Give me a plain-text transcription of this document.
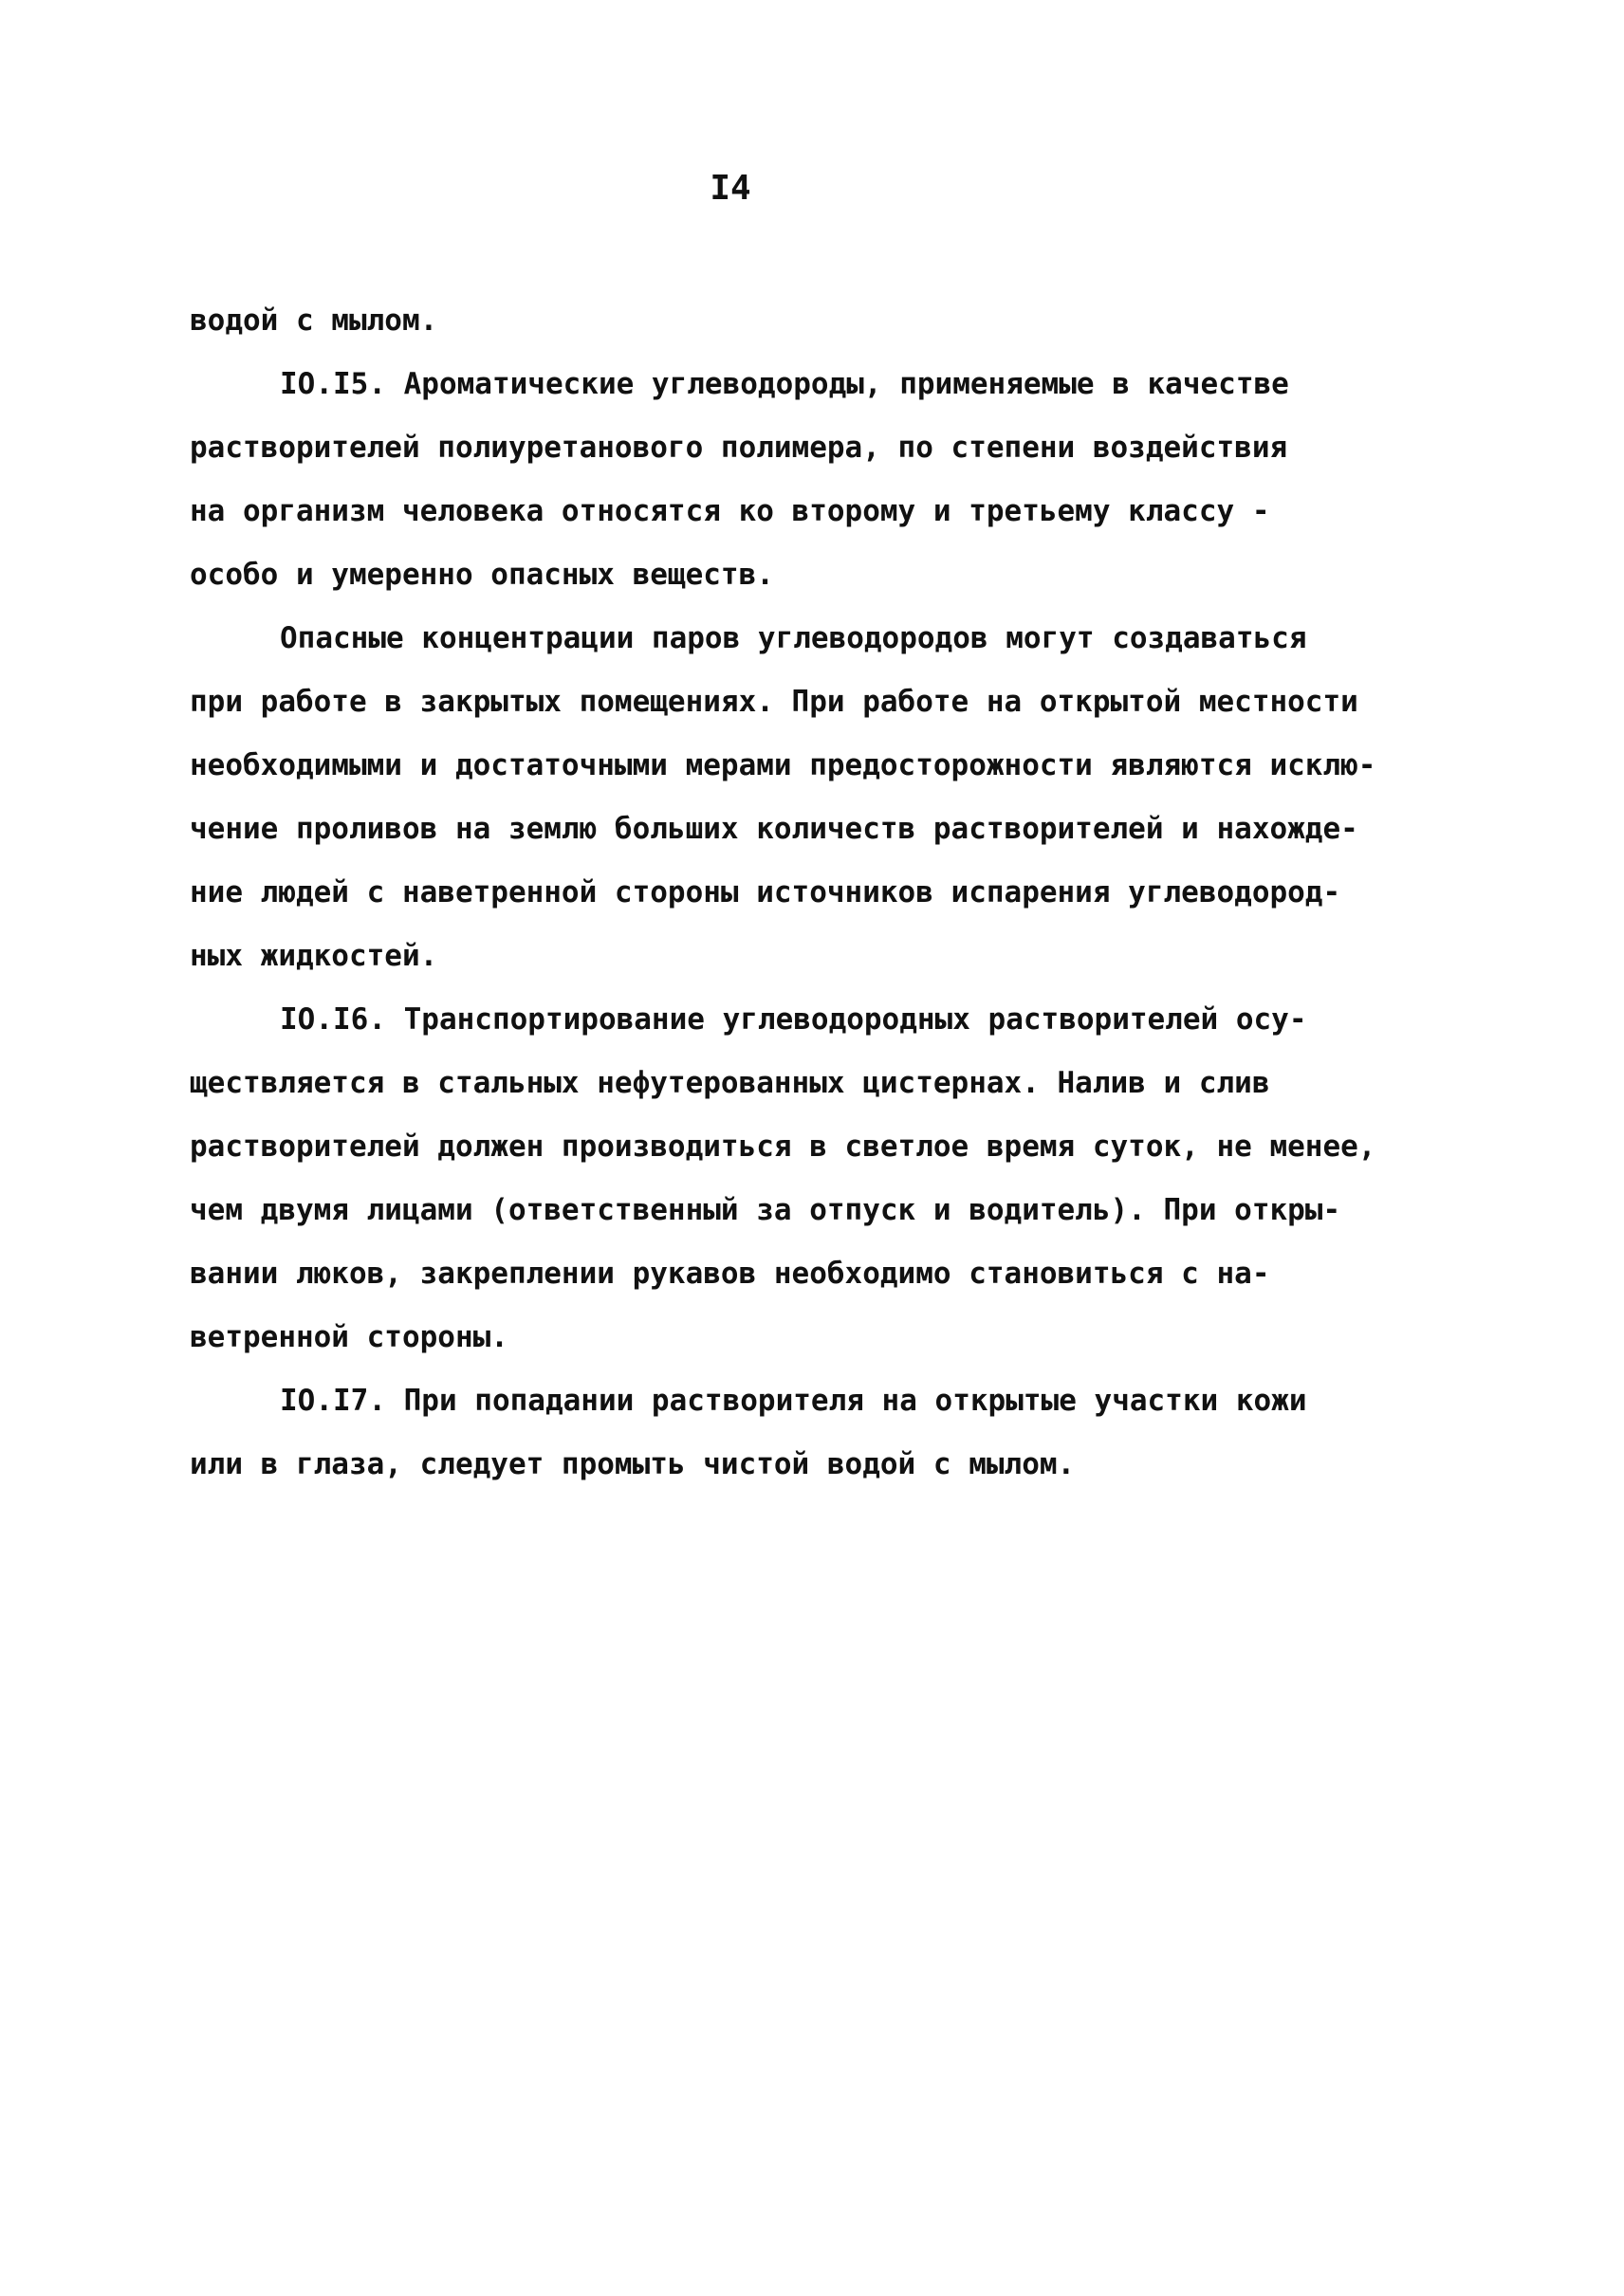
I4
водой с мылом.
IO.I5. Ароматические углеводороды, применяемые в качестве
растворителей полиуретанового полимера, по степени воздействия
на организм человека относятся ко второму и третьему классу -
особо и умеренно опасных веществ.
Опасные концентрации паров углеводородов могут создаваться
при работе в закрытых помещениях. При работе на открытой местности
необходимыми и достаточными мерами предосторожности являются исклю-
чение проливов на землю больших количеств растворителей и нахожде-
ние людей с наветренной стороны источников испарения углеводород-
ных жидкостей.
IO.I6. Транспортирование углеводородных растворителей осу-
ществляется в стальных нефутерованных цистернах. Налив и слив
растворителей должен производиться в светлое время суток, не менее,
чем двумя лицами (ответственный за отпуск и водитель). При откры-
вании люков, закреплении рукавов необходимо становиться с на-
ветренной стороны.
IO.I7. При попадании растворителя на открытые участки кожи
или в глаза, следует промыть чистой водой с мылом.
